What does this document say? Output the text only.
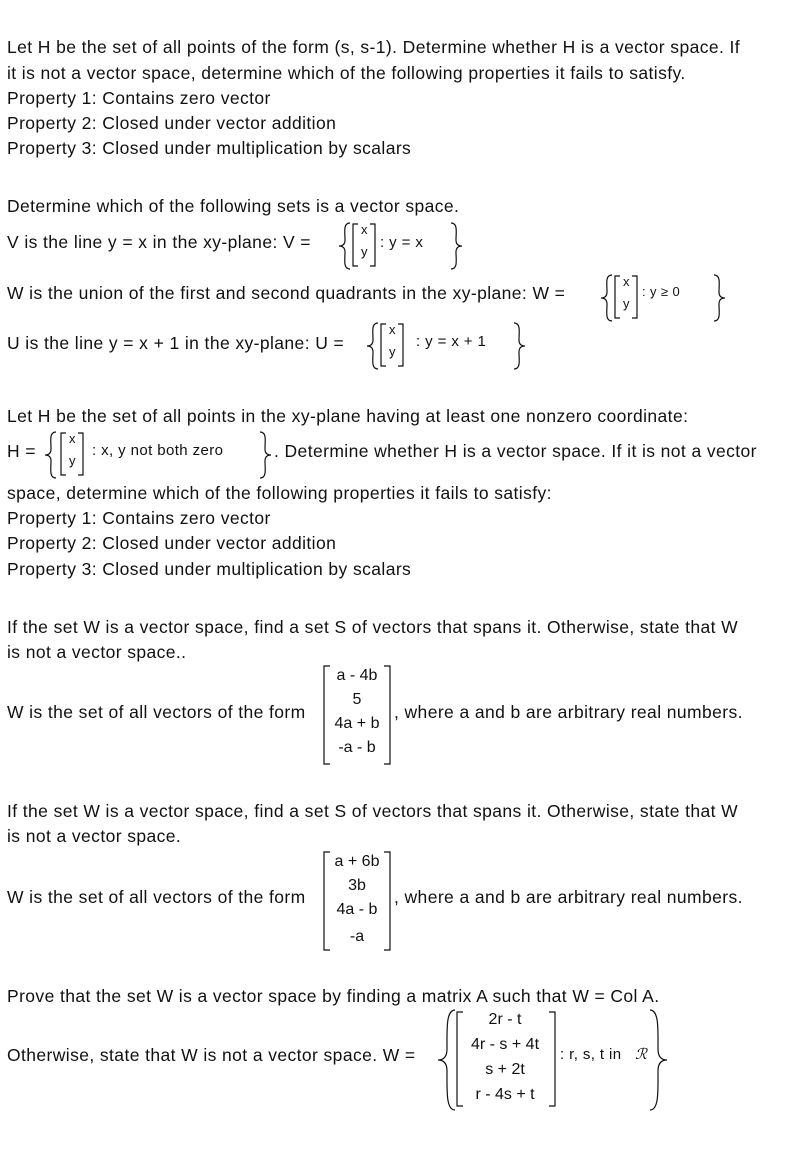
Let H be the set of all points of the form (s, s-1). Determine whether H is a vector space. If
it is not a vector space, determine which of the following properties it fails to satisfy.
Property 1: Contains zero vector
Property 2: Closed under vector addition
Property 3: Closed under multiplication by scalars
Determine which of the following sets is a vector space.
V is the line y = x in the xy-plane: V =
x
y
: y = x
W is the union of the first and second quadrants in the xy-plane: W =
x
y
: y ≥ 0
U is the line y = x + 1 in the xy-plane: U =
x
y
: y = x + 1
Let H be the set of all points in the xy-plane having at least one nonzero coordinate:
H =
x
y
: x, y not both zero	. Determine whether H is a vector space. If it is not a vector
space, determine which of the following properties it fails to satisfy:
Property 1: Contains zero vector
Property 2: Closed under vector addition
Property 3: Closed under multiplication by scalars
If the set W is a vector space, find a set S of vectors that spans it. Otherwise, state that W
is not a vector space..
W is the set of all vectors of the form
a - 4b
5
4a + b
-a - b
, where a and b are arbitrary real numbers.
If the set W is a vector space, find a set S of vectors that spans it. Otherwise, state that W
is not a vector space.
W is the set of all vectors of the form
a + 6b
3b
4a - b
-a
, where a and b are arbitrary real numbers.
Prove that the set W is a vector space by finding a matrix A such that W = Col A.
Otherwise, state that W is not a vector space. W =
2r - t
4r - s + 4t
s + 2t
r - 4s + t
: r, s, t in ℛ
